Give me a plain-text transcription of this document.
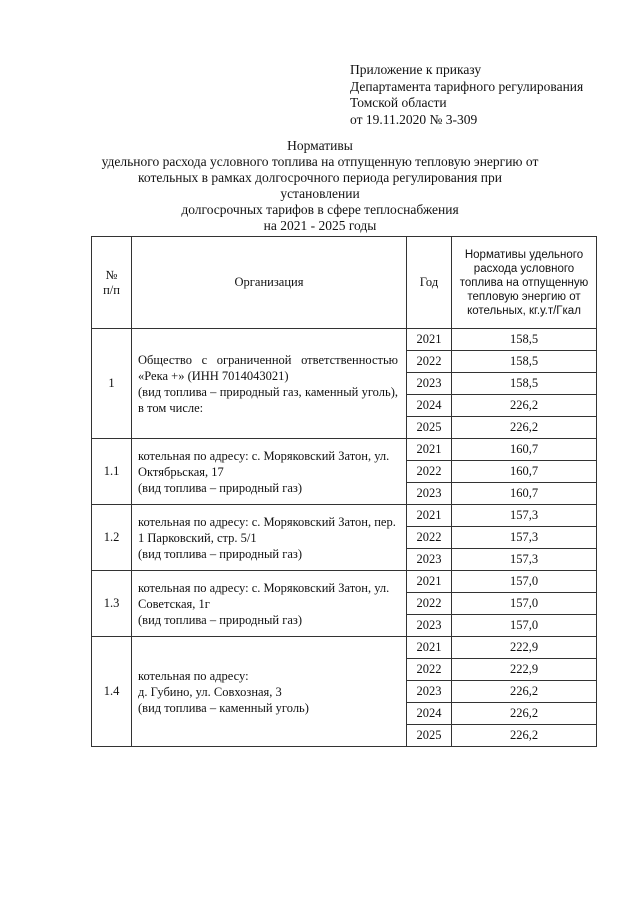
Приложение к приказу
Департамента тарифного регулирования
Томской области
от 19.11.2020 № 3-309
Нормативы
удельного расхода условного топлива на отпущенную тепловую энергию от
котельных в рамках долгосрочного периода регулирования при установлении
долгосрочных тарифов в сфере теплоснабжения
на 2021 - 2025 годы
№ п/п	Организация	Год	Нормативы удельного расхода условного топлива на отпущенную тепловую энергию от котельных, кг.у.т/Гкал
1	Общество с ограниченной ответственностью «Река +» (ИНН 7014043021)
(вид топлива – природный газ, каменный уголь), в том числе:	2021	158,5
		2022	158,5
		2023	158,5
		2024	226,2
		2025	226,2
1.1	котельная по адресу: с. Моряковский Затон, ул. Октябрьская, 17
(вид топлива – природный газ)	2021	160,7
		2022	160,7
		2023	160,7
1.2	котельная по адресу: с. Моряковский Затон, пер. 1 Парковский, стр. 5/1
(вид топлива – природный газ)	2021	157,3
		2022	157,3
		2023	157,3
1.3	котельная по адресу: с. Моряковский Затон, ул. Советская, 1г
(вид топлива – природный газ)	2021	157,0
		2022	157,0
		2023	157,0
1.4	котельная по адресу:
д. Губино, ул. Совхозная, 3
(вид топлива – каменный уголь)	2021	222,9
		2022	222,9
		2023	226,2
		2024	226,2
		2025	226,2
